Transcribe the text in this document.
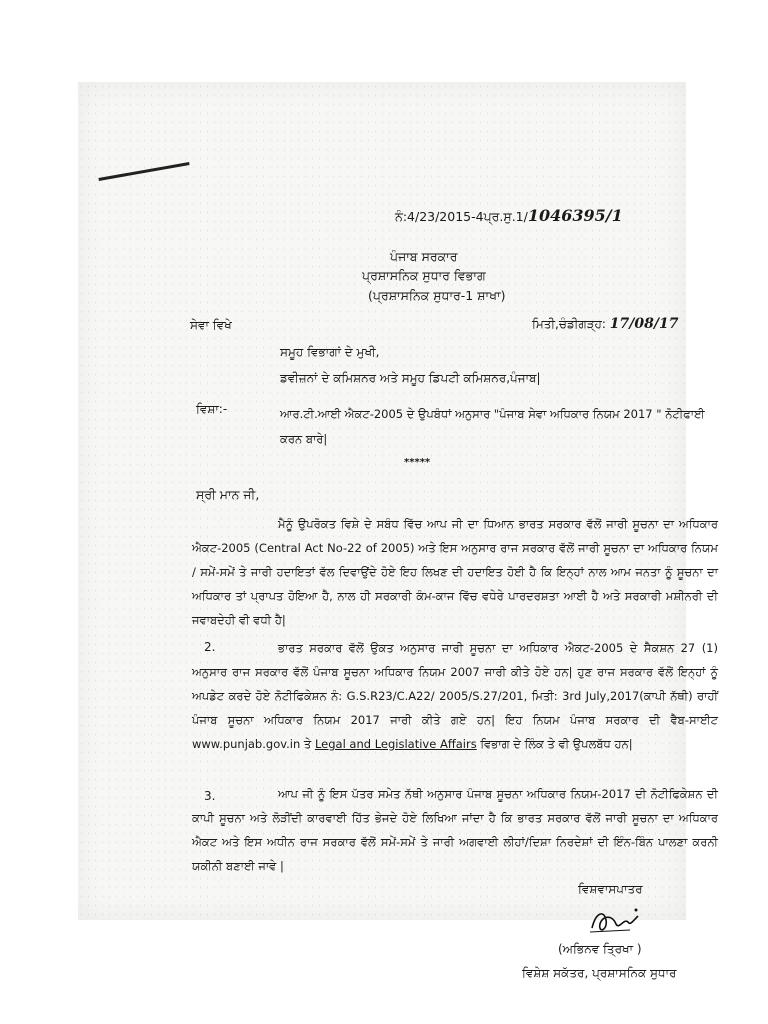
ਨੰ:4/23/2015-4ਪ੍ਰ.ਸੁ.1/1046395/1
ਪੰਜਾਬ ਸਰਕਾਰ
ਪ੍ਰਸ਼ਾਸਨਿਕ ਸੁਧਾਰ ਵਿਭਾਗ
(ਪ੍ਰਸ਼ਾਸਨਿਕ ਸੁਧਾਰ-1 ਸ਼ਾਖਾ)
ਸੇਵਾ ਵਿਖੇ	ਮਿਤੀ,ਚੰਡੀਗੜ੍ਹ: 17/08/17
ਸਮੂਹ ਵਿਭਾਗਾਂ ਦੇ ਮੁਖੀ,
ਡਵੀਜ਼ਨਾਂ ਦੇ ਕਮਿਸ਼ਨਰ ਅਤੇ ਸਮੂਹ ਡਿਪਟੀ ਕਮਿਸ਼ਨਰ,ਪੰਜਾਬ|
ਵਿਸ਼ਾ:-	ਆਰ.ਟੀ.ਆਈ ਐਕਟ-2005 ਦੇ ਉਪਬੰਧਾਂ ਅਨੁਸਾਰ "ਪੰਜਾਬ ਸੇਵਾ ਅਧਿਕਾਰ ਨਿਯਮ 2017 " ਨੋਟੀਫਾਈ ਕਰਨ ਬਾਰੇ|
*****
ਸ੍ਰੀ ਮਾਨ ਜੀ,
ਮੈਨੂੰ ਉਪਰੋਕਤ ਵਿਸ਼ੇ ਦੇ ਸਬੰਧ ਵਿੱਚ ਆਪ ਜੀ ਦਾ ਧਿਆਨ ਭਾਰਤ ਸਰਕਾਰ ਵੱਲੋਂ ਜਾਰੀ ਸੂਚਨਾ ਦਾ ਅਧਿਕਾਰ ਐਕਟ-2005 (Central Act No-22 of 2005) ਅਤੇ ਇਸ ਅਨੁਸਾਰ ਰਾਜ ਸਰਕਾਰ ਵੱਲੋਂ ਜਾਰੀ ਸੂਚਨਾ ਦਾ ਅਧਿਕਾਰ ਨਿਯਮ / ਸਮੇਂ-ਸਮੇਂ ਤੇ ਜਾਰੀ ਹਦਾਇਤਾਂ ਵੱਲ ਦਿਵਾਉਂਦੇ ਹੋਏ ਇਹ ਲਿਖਣ ਦੀ ਹਦਾਇਤ ਹੋਈ ਹੈ ਕਿ ਇਨ੍ਹਾਂ ਨਾਲ ਆਮ ਜਨਤਾ ਨੂੰ ਸੂਚਨਾ ਦਾ ਅਧਿਕਾਰ ਤਾਂ ਪ੍ਰਾਪਤ ਹੋਇਆ ਹੈ, ਨਾਲ ਹੀ ਸਰਕਾਰੀ ਕੰਮ-ਕਾਜ ਵਿੱਚ ਵਧੇਰੇ ਪਾਰਦਰਸ਼ਤਾ ਆਈ ਹੈ ਅਤੇ ਸਰਕਾਰੀ ਮਸ਼ੀਨਰੀ ਦੀ ਜਵਾਬਦੇਹੀ ਵੀ ਵਧੀ ਹੈ|
2.	ਭਾਰਤ ਸਰਕਾਰ ਵੱਲੋਂ ਉਕਤ ਅਨੁਸਾਰ ਜਾਰੀ ਸੂਚਨਾ ਦਾ ਅਧਿਕਾਰ ਐਕਟ-2005 ਦੇ ਸੈਕਸ਼ਨ 27 (1) ਅਨੁਸਾਰ ਰਾਜ ਸਰਕਾਰ ਵੱਲੋਂ ਪੰਜਾਬ ਸੂਚਨਾ ਅਧਿਕਾਰ ਨਿਯਮ 2007 ਜਾਰੀ ਕੀਤੇ ਹੋਏ ਹਨ| ਹੁਣ ਰਾਜ ਸਰਕਾਰ ਵੱਲੋਂ ਇਨ੍ਹਾਂ ਨੂੰ ਅਪਡੇਟ ਕਰਦੇ ਹੋਏ ਨੋਟੀਫਿਕੇਸ਼ਨ ਨੰ: G.S.R23/C.A22/ 2005/S.27/201, ਮਿਤੀ: 3rd July,2017(ਕਾਪੀ ਨੱਥੀ) ਰਾਹੀਂ ਪੰਜਾਬ ਸੂਚਨਾ ਅਧਿਕਾਰ ਨਿਯਮ 2017 ਜਾਰੀ ਕੀਤੇ ਗਏ ਹਨ| ਇਹ ਨਿਯਮ ਪੰਜਾਬ ਸਰਕਾਰ ਦੀ ਵੈਬ-ਸਾਈਟ www.punjab.gov.in ਤੇ Legal and Legislative Affairs ਵਿਭਾਗ ਦੇ ਲਿੰਕ ਤੇ ਵੀ ਉਪਲਬੱਧ ਹਨ|
3.	ਆਪ ਜੀ ਨੂੰ ਇਸ ਪੱਤਰ ਸਮੇਤ ਨੱਥੀ ਅਨੁਸਾਰ ਪੰਜਾਬ ਸੂਚਨਾ ਅਧਿਕਾਰ ਨਿਯਮ-2017 ਦੀ ਨੋਟੀਫਿਕੇਸ਼ਨ ਦੀ ਕਾਪੀ ਸੂਚਨਾ ਅਤੇ ਲੋੜੀਂਦੀ ਕਾਰਵਾਈ ਹਿੱਤ ਭੇਜਦੇ ਹੋਏ ਲਿਖਿਆ ਜਾਂਦਾ ਹੈ ਕਿ ਭਾਰਤ ਸਰਕਾਰ ਵੱਲੋਂ ਜਾਰੀ ਸੂਚਨਾ ਦਾ ਅਧਿਕਾਰ ਐਕਟ ਅਤੇ ਇਸ ਅਧੀਨ ਰਾਜ ਸਰਕਾਰ ਵੱਲੋਂ ਸਮੇਂ-ਸਮੇਂ ਤੇ ਜਾਰੀ ਅਗਵਾਈ ਲੀਹਾਂ/ਦਿਸ਼ਾ ਨਿਰਦੇਸ਼ਾਂ ਦੀ ਇੰਨ-ਬਿੰਨ ਪਾਲਣਾ ਕਰਨੀ ਯਕੀਨੀ ਬਣਾਈ ਜਾਵੇ |
ਵਿਸ਼ਵਾਸਪਾਤਰ
(ਅਭਿਨਵ ਤ੍ਰਿਖਾ )
ਵਿਸ਼ੇਸ਼ ਸਕੱਤਰ, ਪ੍ਰਸ਼ਾਸਨਿਕ ਸੁਧਾਰ
